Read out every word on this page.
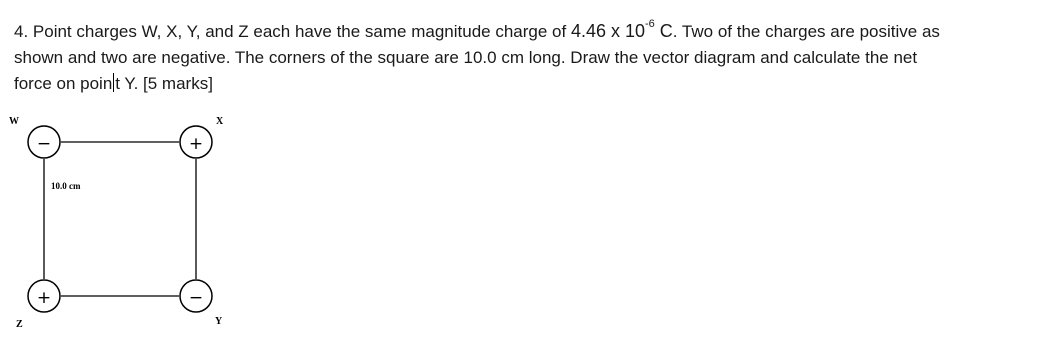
4. Point charges W, X, Y, and Z each have the same magnitude charge of 4.46 x $10^{-6}$ C. Two of the charges are positive as
shown and two are negative. The corners of the square are 10.0 cm long. Draw the vector diagram and calculate the net
force on poin t Y. [5 marks]
10.0 cm
−
W
+
X
−
Y
+
Z
